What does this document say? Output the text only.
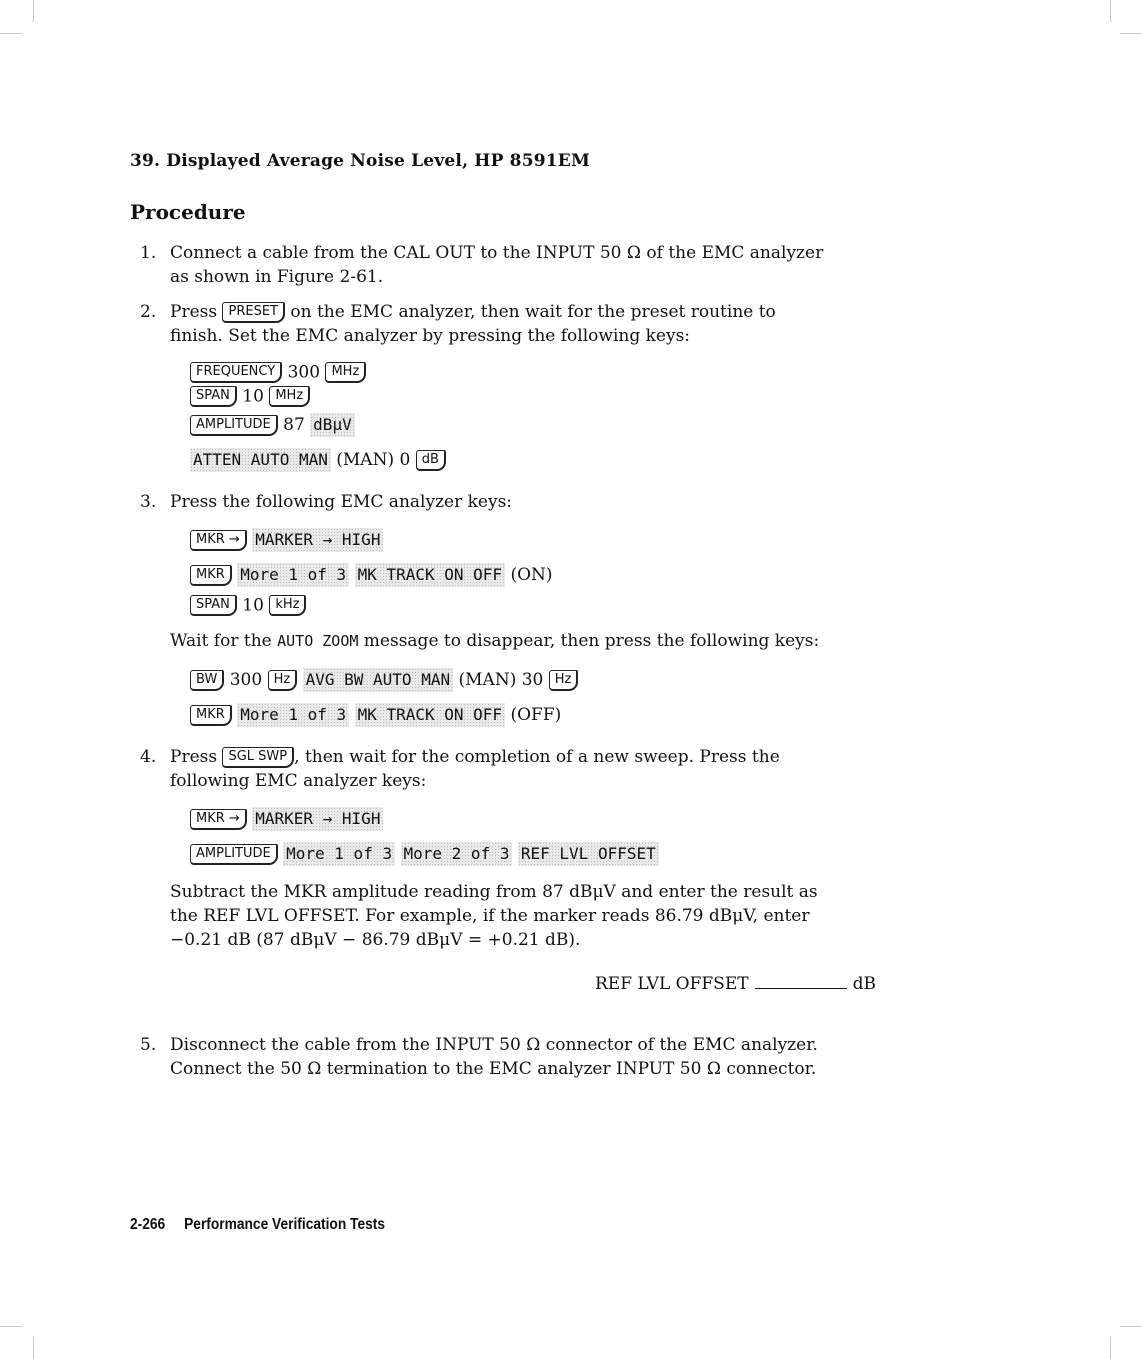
39. Displayed Average Noise Level, HP 8591EM
Procedure
1. Connect a cable from the CAL OUT to the INPUT 50 Ω of the EMC analyzer
as shown in Figure 2-61.
2. Press PRESET on the EMC analyzer, then wait for the preset routine to
finish. Set the EMC analyzer by pressing the following keys:
FREQUENCY 300 MHz
SPAN 10 MHz
AMPLITUDE 87 dBμV
ATTEN AUTO MAN (MAN) 0 dB
3. Press the following EMC analyzer keys:
MKR → MARKER → HIGH
MKR More 1 of 3 MK TRACK ON OFF (ON)
SPAN 10 kHz
Wait for the AUTO ZOOM message to disappear, then press the following keys:
BW 300 Hz AVG BW AUTO MAN (MAN) 30 Hz
MKR More 1 of 3 MK TRACK ON OFF (OFF)
4. Press SGL SWP , then wait for the completion of a new sweep. Press the
following EMC analyzer keys:
MKR → MARKER → HIGH
AMPLITUDE More 1 of 3 More 2 of 3 REF LVL OFFSET
Subtract the MKR amplitude reading from 87 dBμV and enter the result as
the REF LVL OFFSET. For example, if the marker reads 86.79 dBμV, enter
−0.21 dB (87 dBμV − 86.79 dBμV = +0.21 dB).
REF LVL OFFSET	dB
5. Disconnect the cable from the INPUT 50 Ω connector of the EMC analyzer.
Connect the 50 Ω termination to the EMC analyzer INPUT 50 Ω connector.
2-266 Performance Verification Tests
